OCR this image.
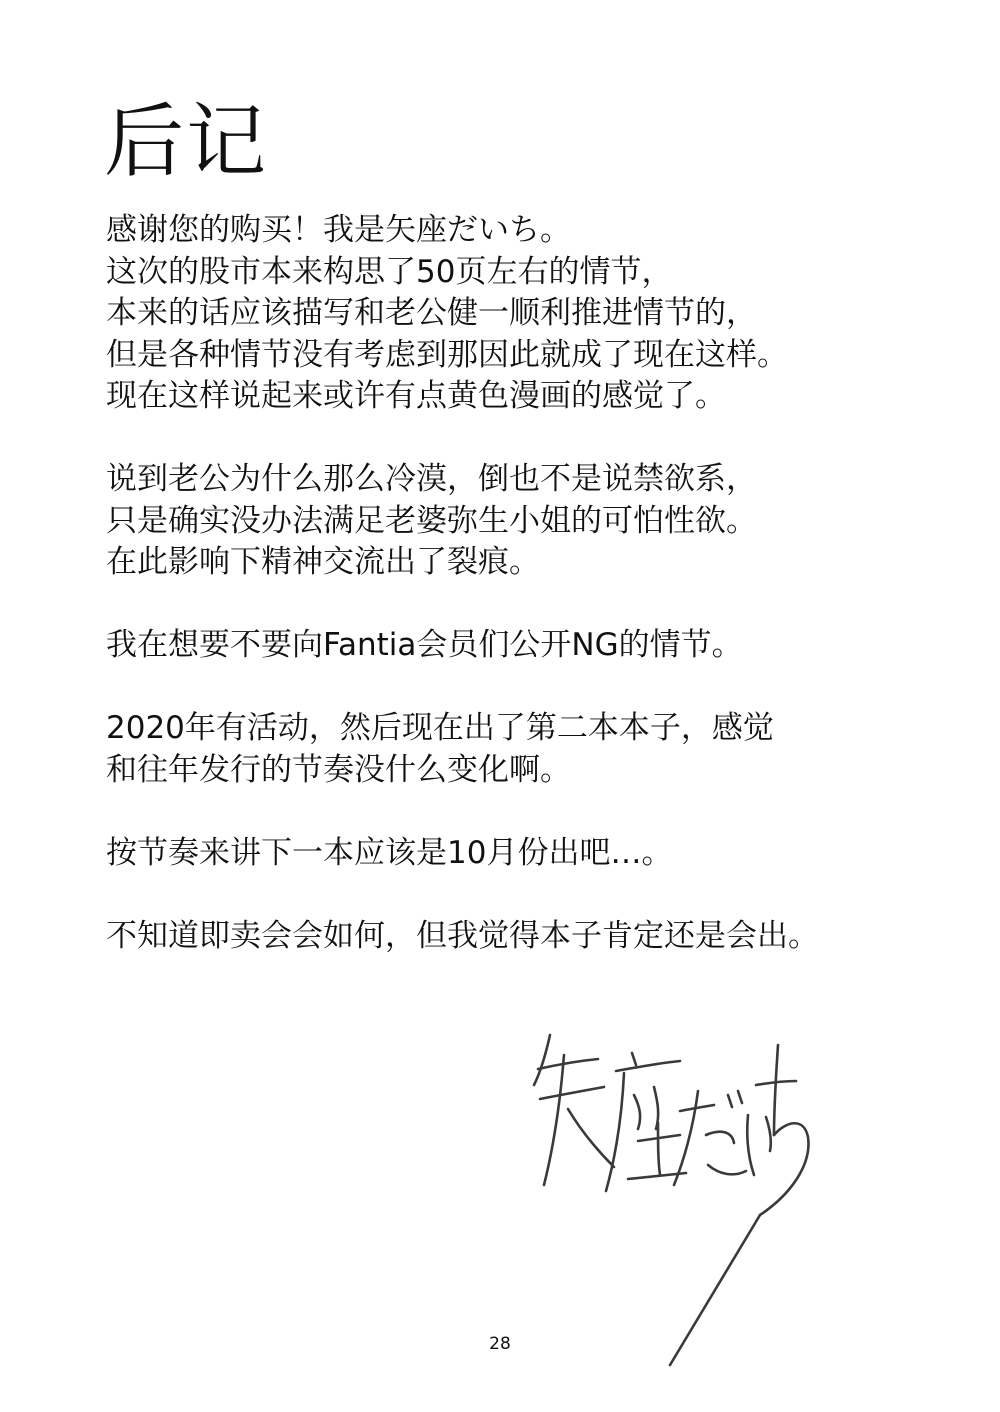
后记

感谢您的购买！我是矢座だいち。
这次的股市本来构思了50页左右的情节，
本来的话应该描写和老公健一顺利推进情节的，
但是各种情节没有考虑到那因此就成了现在这样。
现在这样说起来或许有点黄色漫画的感觉了。

说到老公为什么那么冷漠，倒也不是说禁欲系，
只是确实没办法满足老婆弥生小姐的可怕性欲。
在此影响下精神交流出了裂痕。

我在想要不要向Fantia会员们公开NG的情节。

2020年有活动，然后现在出了第二本本子，感觉
和往年发行的节奏没什么变化啊。

按节奏来讲下一本应该是10月份出吧…。

不知道即卖会会如何，但我觉得本子肯定还是会出。

28
